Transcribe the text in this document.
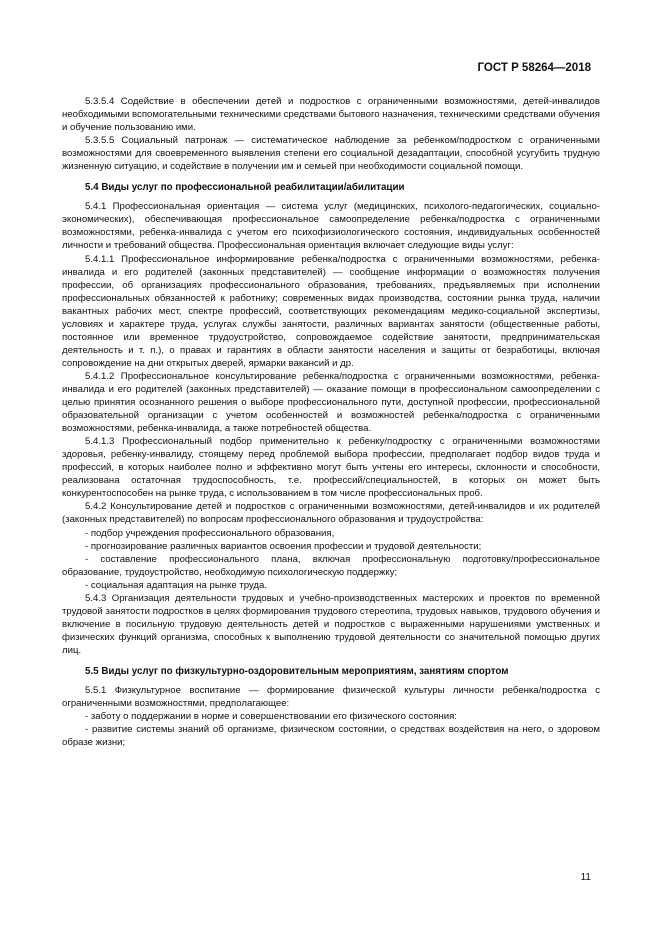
ГОСТ Р 58264—2018

5.3.5.4 Содействие в обеспечении детей и подростков с ограниченными возможностями, детей-инвалидов необходимыми вспомогательными техническими средствами бытового назначения, техническими средствами обучения и обучение пользованию ими.

5.3.5.5 Социальный патронаж — систематическое наблюдение за ребенком/подростком с ограниченными возможностями для своевременного выявления степени его социальной дезадаптации, способной усугубить трудную жизненную ситуацию, и содействие в получении им и семьей при необходимости социальной помощи.

5.4 Виды услуг по профессиональной реабилитации/абилитации

5.4.1 Профессиональная ориентация — система услуг (медицинских, психолого-педагогических, социально-экономических), обеспечивающая профессиональное самоопределение ребенка/подростка с ограниченными возможностями, ребенка-инвалида с учетом его психофизиологического состояния, индивидуальных особенностей личности и требований общества. Профессиональная ориентация включает следующие виды услуг:

5.4.1.1 Профессиональное информирование ребенка/подростка с ограниченными возможностями, ребенка-инвалида и его родителей (законных представителей) — сообщение информации о возможностях получения профессии, об организациях профессионального образования, требованиях, предъявляемых при исполнении профессиональных обязанностей к работнику; современных видах производства, состоянии рынка труда, наличии вакантных рабочих мест, спектре профессий, соответствующих рекомендациям медико-социальной экспертизы, условиях и характере труда, услугах службы занятости, различных вариантах занятости (общественные работы, постоянное или временное трудоустройство, сопровождаемое содействие занятости, предпринимательская деятельность и т. п.), о правах и гарантиях в области занятости населения и защиты от безработицы, включая сопровождение на дни открытых дверей, ярмарки вакансий и др.

5.4.1.2 Профессиональное консультирование ребенка/подростка с ограниченными возможностями, ребенка-инвалида и его родителей (законных представителей) — оказание помощи в профессиональном самоопределении с целью принятия осознанного решения о выборе профессионального пути, доступной профессии, профессиональной образовательной организации с учетом особенностей и возможностей ребенка/подростка с ограниченными возможностями, ребенка-инвалида, а также потребностей общества.

5.4.1.3 Профессиональный подбор применительно к ребенку/подростку с ограниченными возможностями здоровья, ребенку-инвалиду, стоящему перед проблемой выбора профессии, предполагает подбор видов труда и профессий, в которых наиболее полно и эффективно могут быть учтены его интересы, склонности и способности, реализована остаточная трудоспособность, т.е. профессий/специальностей, в которых он может быть конкурентоспособен на рынке труда, с использованием в том числе профессиональных проб.

5.4.2 Консультирование детей и подростков с ограниченными возможностями, детей-инвалидов и их родителей (законных представителей) по вопросам профессионального образования и трудоустройства:

- подбор учреждения профессионального образования,

- прогнозирование различных вариантов освоения профессии и трудовой деятельности;

- составление профессионального плана, включая профессиональную подготовку/профессиональное образование, трудоустройство, необходимую психологическую поддержку;

- социальная адаптация на рынке труда.

5.4.3 Организация деятельности трудовых и учебно-производственных мастерских и проектов по временной трудовой занятости подростков в целях формирования трудового стереотипа, трудовых навыков, трудового обучения и включение в посильную трудовую деятельность детей и подростков с выраженными нарушениями умственных и физических функций организма, способных к выполнению трудовой деятельности со значительной помощью других лиц.

5.5 Виды услуг по физкультурно-оздоровительным мероприятиям, занятиям спортом

5.5.1 Физкультурное воспитание — формирование физической культуры личности ребенка/подростка с ограниченными возможностями, предполагающее:

- заботу о поддержании в норме и совершенствовании его физического состояния:

- развитие системы знаний об организме, физическом состоянии, о средствах воздействия на него, о здоровом образе жизни;

11
